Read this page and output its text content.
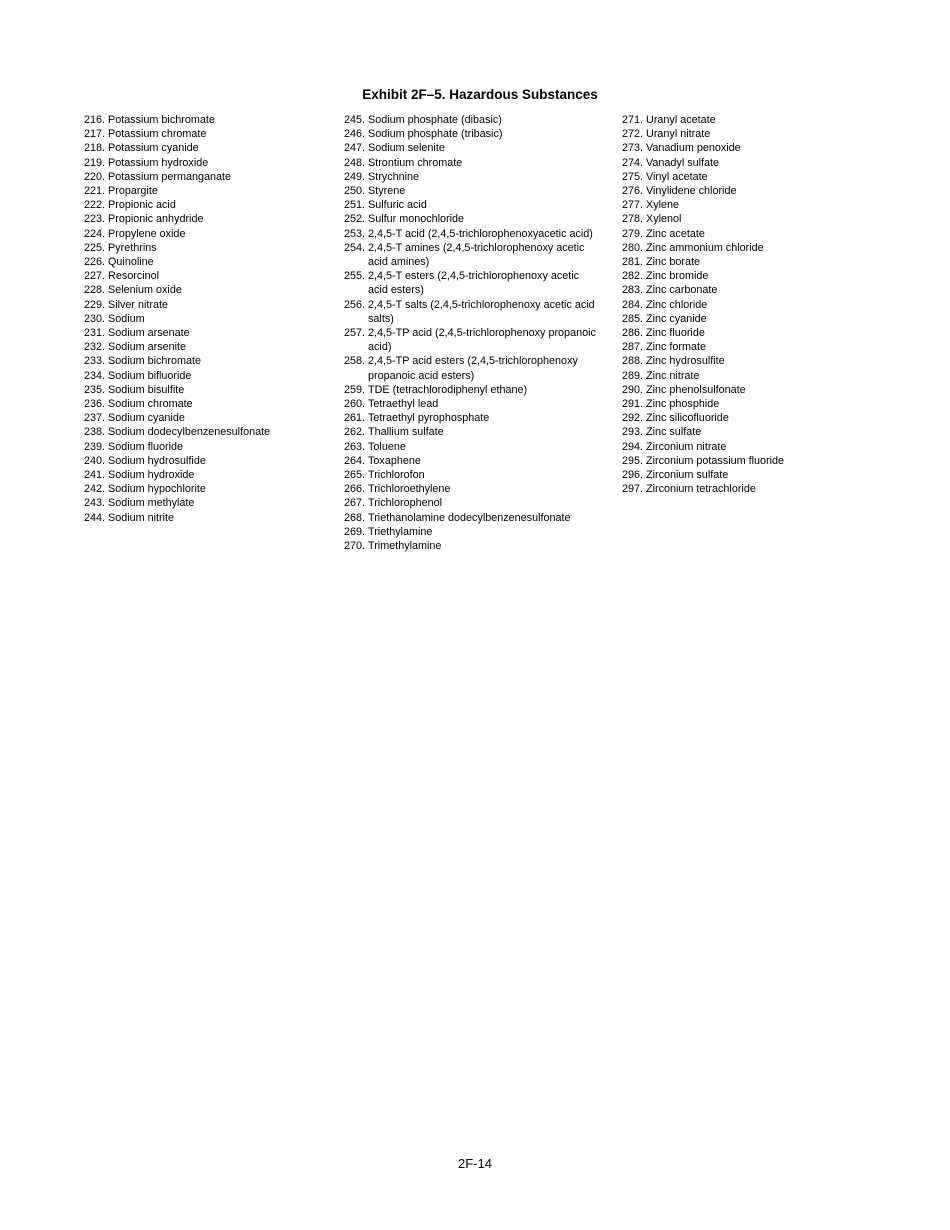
Exhibit 2F–5. Hazardous Substances
216. Potassium bichromate
217. Potassium chromate
218. Potassium cyanide
219. Potassium hydroxide
220. Potassium permanganate
221. Propargite
222. Propionic acid
223. Propionic anhydride
224. Propylene oxide
225. Pyrethrins
226. Quinoline
227. Resorcinol
228. Selenium oxide
229. Silver nitrate
230. Sodium
231. Sodium arsenate
232. Sodium arsenite
233. Sodium bichromate
234. Sodium bifluoride
235. Sodium bisulfite
236. Sodium chromate
237. Sodium cyanide
238. Sodium dodecylbenzenesulfonate
239. Sodium fluoride
240. Sodium hydrosulfide
241. Sodium hydroxide
242. Sodium hypochlorite
243. Sodium methylate
244. Sodium nitrite
245. Sodium phosphate (dibasic)
246. Sodium phosphate (tribasic)
247. Sodium selenite
248. Strontium chromate
249. Strychnine
250. Styrene
251. Sulfuric acid
252. Sulfur monochloride
253. 2,4,5-T acid (2,4,5-trichlorophenoxyacetic acid)
254. 2,4,5-T amines (2,4,5-trichlorophenoxy acetic acid amines)
255. 2,4,5-T esters (2,4,5-trichlorophenoxy acetic acid esters)
256. 2,4,5-T salts (2,4,5-trichlorophenoxy acetic acid salts)
257. 2,4,5-TP acid (2,4,5-trichlorophenoxy propanoic acid)
258. 2,4,5-TP acid esters (2,4,5-trichlorophenoxy propanoic acid esters)
259. TDE (tetrachlorodiphenyl ethane)
260. Tetraethyl lead
261. Tetraethyl pyrophosphate
262. Thallium sulfate
263. Toluene
264. Toxaphene
265. Trichlorofon
266. Trichloroethylene
267. Trichlorophenol
268. Triethanolamine dodecylbenzenesulfonate
269. Triethylamine
270. Trimethylamine
271. Uranyl acetate
272. Uranyl nitrate
273. Vanadium penoxide
274. Vanadyl sulfate
275. Vinyl acetate
276. Vinylidene chloride
277. Xylene
278. Xylenol
279. Zinc acetate
280. Zinc ammonium chloride
281. Zinc borate
282. Zinc bromide
283. Zinc carbonate
284. Zinc chloride
285. Zinc cyanide
286. Zinc fluoride
287. Zinc formate
288. Zinc hydrosulfite
289. Zinc nitrate
290. Zinc phenolsulfonate
291. Zinc phosphide
292. Zinc silicofluoride
293. Zinc sulfate
294. Zirconium nitrate
295. Zirconium potassium fluoride
296. Zirconium sulfate
297. Zirconium tetrachloride
2F-14
